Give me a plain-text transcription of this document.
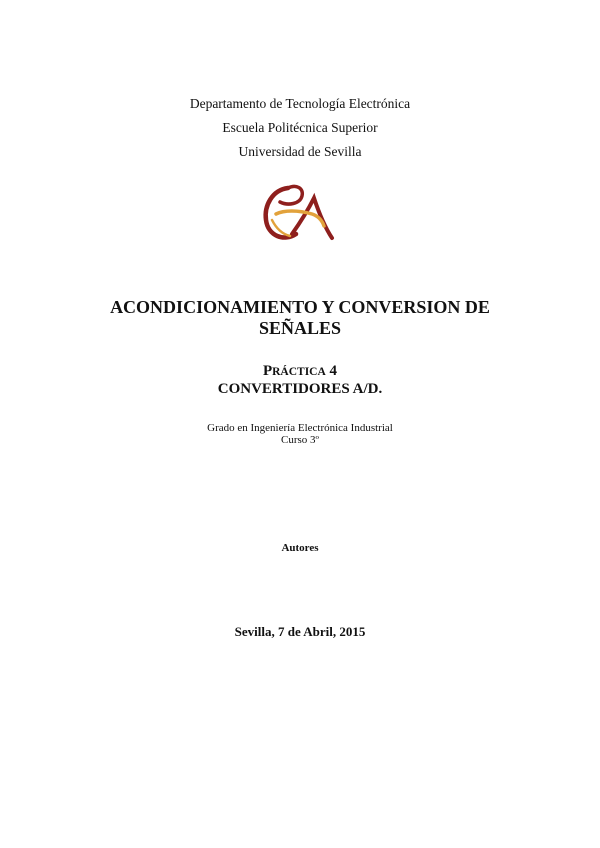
Departamento de Tecnología Electrónica
Escuela Politécnica Superior
Universidad de Sevilla
ACONDICIONAMIENTO Y CONVERSION DE
SEÑALES
PRÁCTICA 4
CONVERTIDORES A/D.
Grado en Ingeniería Electrónica Industrial
Curso 3º
Autores
Sevilla, 7 de Abril, 2015
